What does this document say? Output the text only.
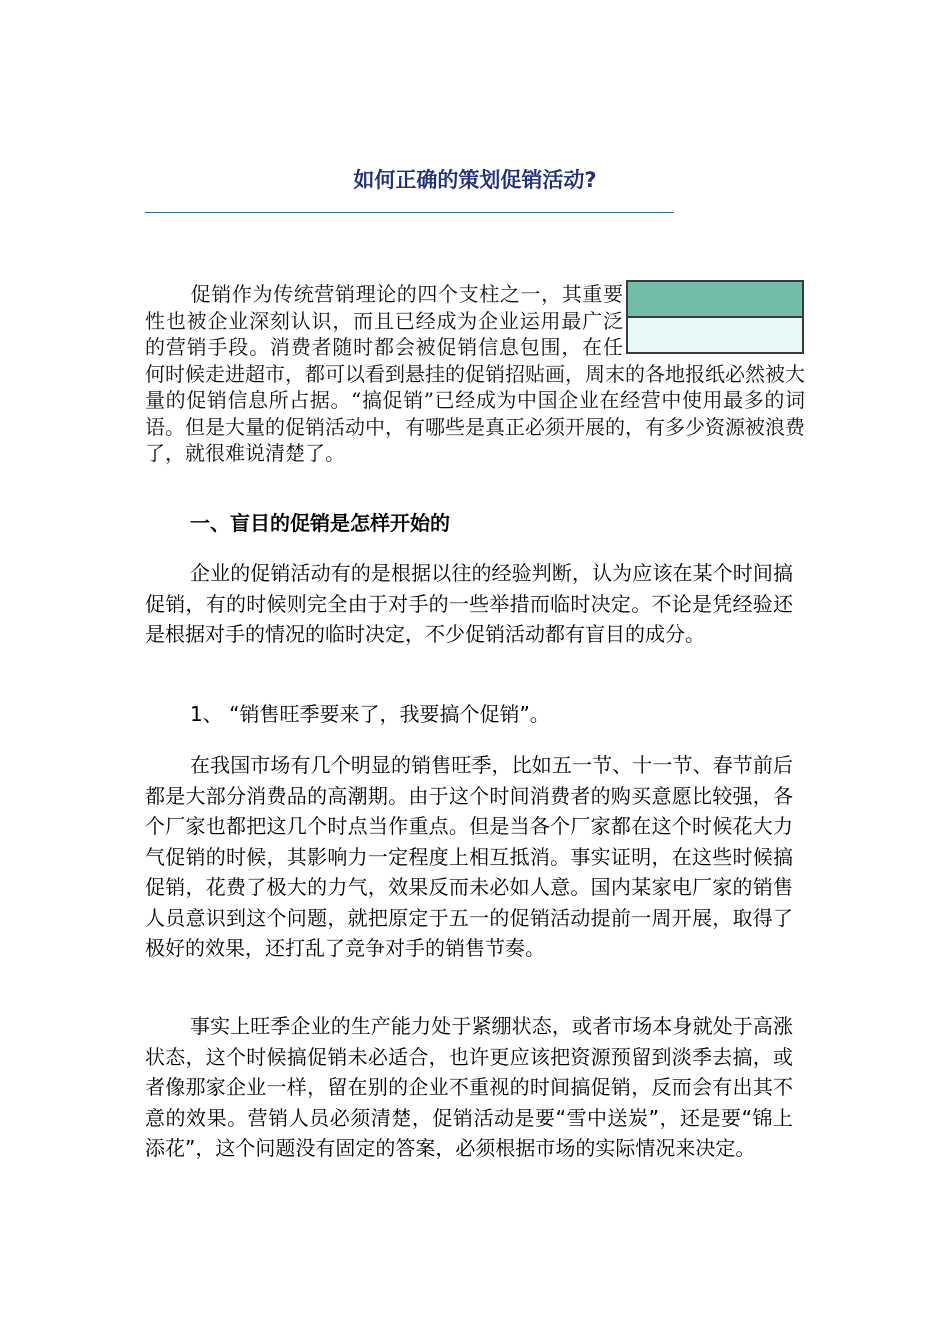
如何正确的策划促销活动?
促销作为传统营销理论的四个支柱之一，其重要性也被企业深刻认识，而且已经成为企业运用最广泛的营销手段。消费者随时都会被促销信息包围，在任何时候走进超市，都可以看到悬挂的促销招贴画，周末的各地报纸必然被大量的促销信息所占据。“搞促销”已经成为中国企业在经营中使用最多的词语。但是大量的促销活动中，有哪些是真正必须开展的，有多少资源被浪费了，就很难说清楚了。
一、盲目的促销是怎样开始的
企业的促销活动有的是根据以往的经验判断，认为应该在某个时间搞促销，有的时候则完全由于对手的一些举措而临时决定。不论是凭经验还是根据对手的情况的临时决定，不少促销活动都有盲目的成分。
1、 “销售旺季要来了，我要搞个促销”。
在我国市场有几个明显的销售旺季，比如五一节、十一节、春节前后都是大部分消费品的高潮期。由于这个时间消费者的购买意愿比较强，各个厂家也都把这几个时点当作重点。但是当各个厂家都在这个时候花大力气促销的时候，其影响力一定程度上相互抵消。事实证明，在这些时候搞促销，花费了极大的力气，效果反而未必如人意。国内某家电厂家的销售人员意识到这个问题，就把原定于五一的促销活动提前一周开展，取得了极好的效果，还打乱了竞争对手的销售节奏。
事实上旺季企业的生产能力处于紧绷状态，或者市场本身就处于高涨状态，这个时候搞促销未必适合，也许更应该把资源预留到淡季去搞，或者像那家企业一样，留在别的企业不重视的时间搞促销，反而会有出其不意的效果。营销人员必须清楚，促销活动是要“雪中送炭”，还是要“锦上添花”，这个问题没有固定的答案，必须根据市场的实际情况来决定。
